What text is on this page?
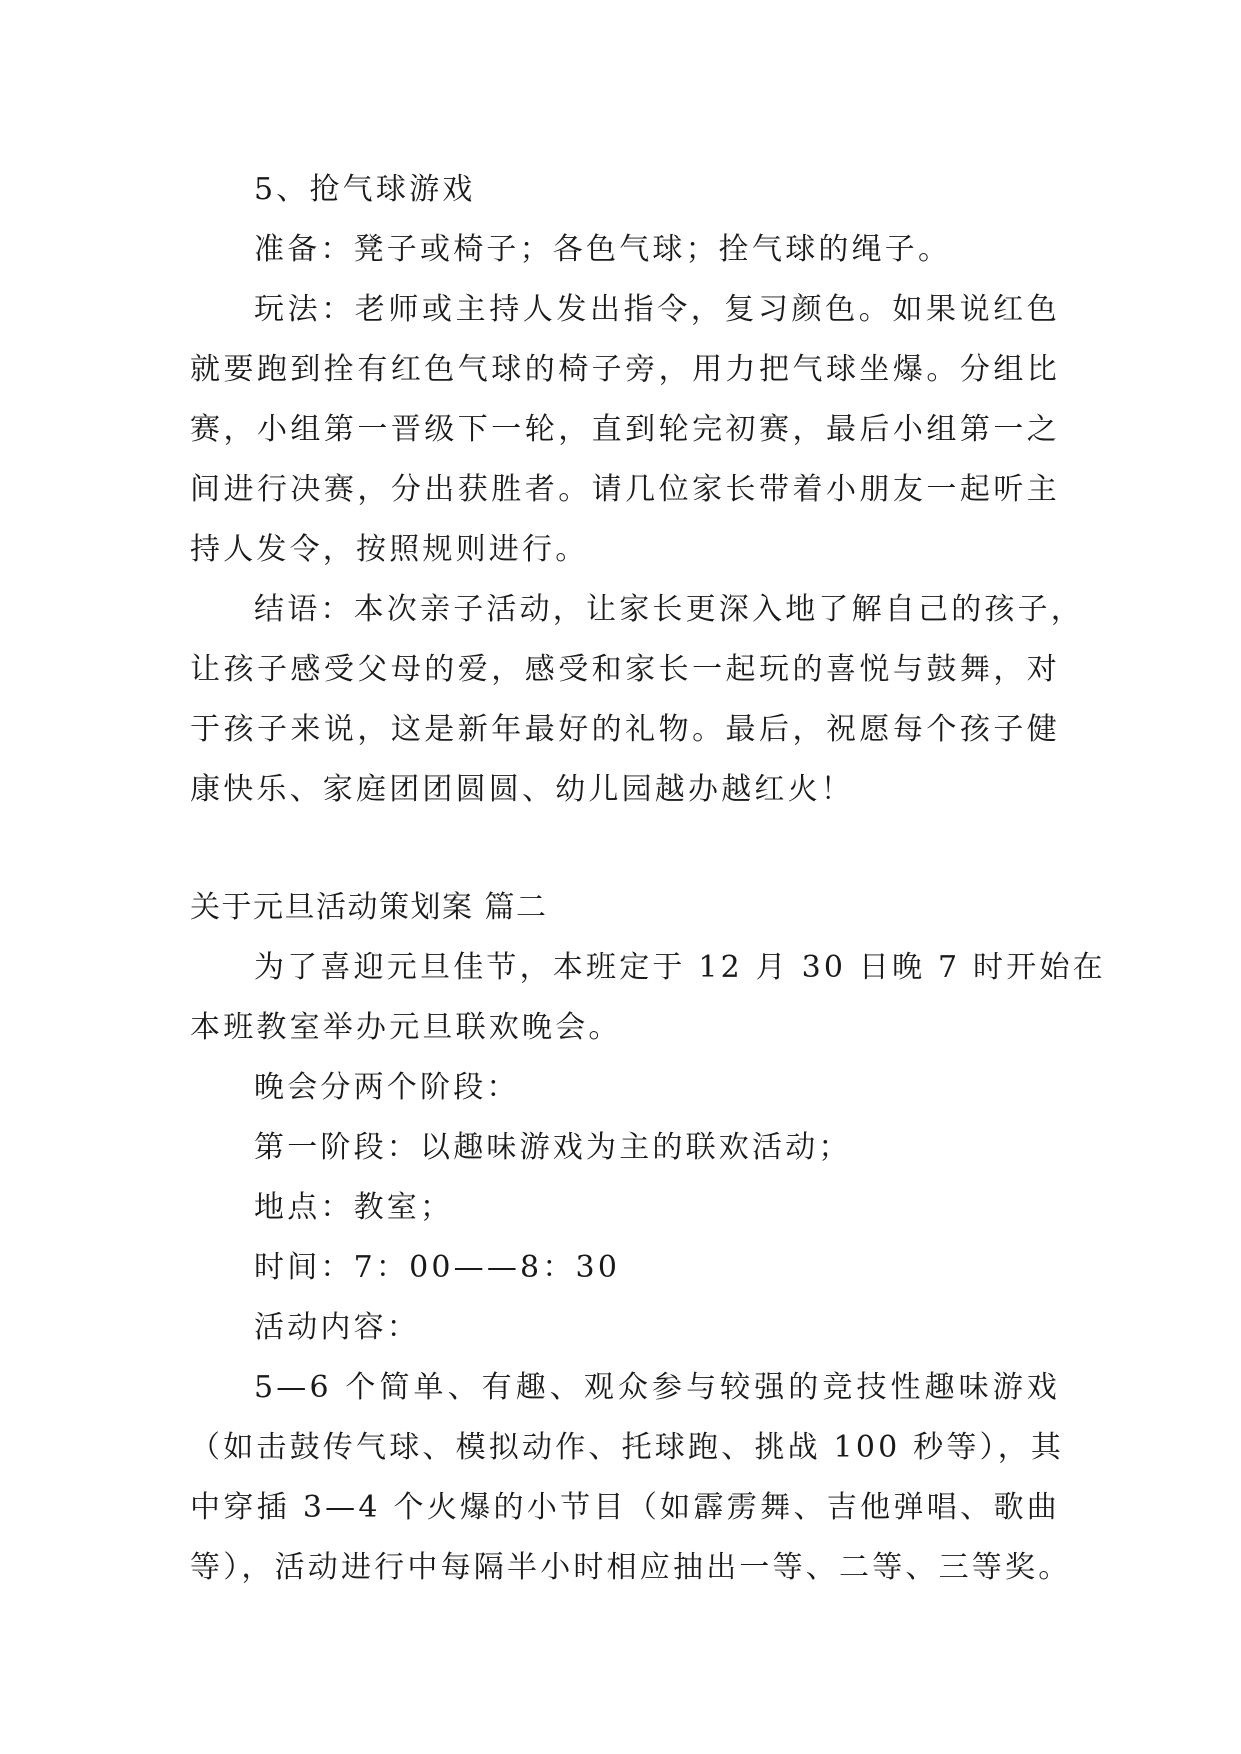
5、抢气球游戏
准备：凳子或椅子；各色气球；拴气球的绳子。
玩法：老师或主持人发出指令，复习颜色。如果说红色
就要跑到拴有红色气球的椅子旁，用力把气球坐爆。分组比
赛，小组第一晋级下一轮，直到轮完初赛，最后小组第一之
间进行决赛，分出获胜者。请几位家长带着小朋友一起听主
持人发令，按照规则进行。
结语：本次亲子活动，让家长更深入地了解自己的孩子，
让孩子感受父母的爱，感受和家长一起玩的喜悦与鼓舞，对
于孩子来说，这是新年最好的礼物。最后，祝愿每个孩子健
康快乐、家庭团团圆圆、幼儿园越办越红火！
关于元旦活动策划案 篇二
为了喜迎元旦佳节，本班定于 12 月 30 日晚 7 时开始在
本班教室举办元旦联欢晚会。
晚会分两个阶段：
第一阶段：以趣味游戏为主的联欢活动；
地点：教室；
时间：7：00——8：30
活动内容：
5—6 个简单、有趣、观众参与较强的竞技性趣味游戏
（如击鼓传气球、模拟动作、托球跑、挑战 100 秒等），其
中穿插 3—4 个火爆的小节目（如霹雳舞、吉他弹唱、歌曲
等），活动进行中每隔半小时相应抽出一等、二等、三等奖。
